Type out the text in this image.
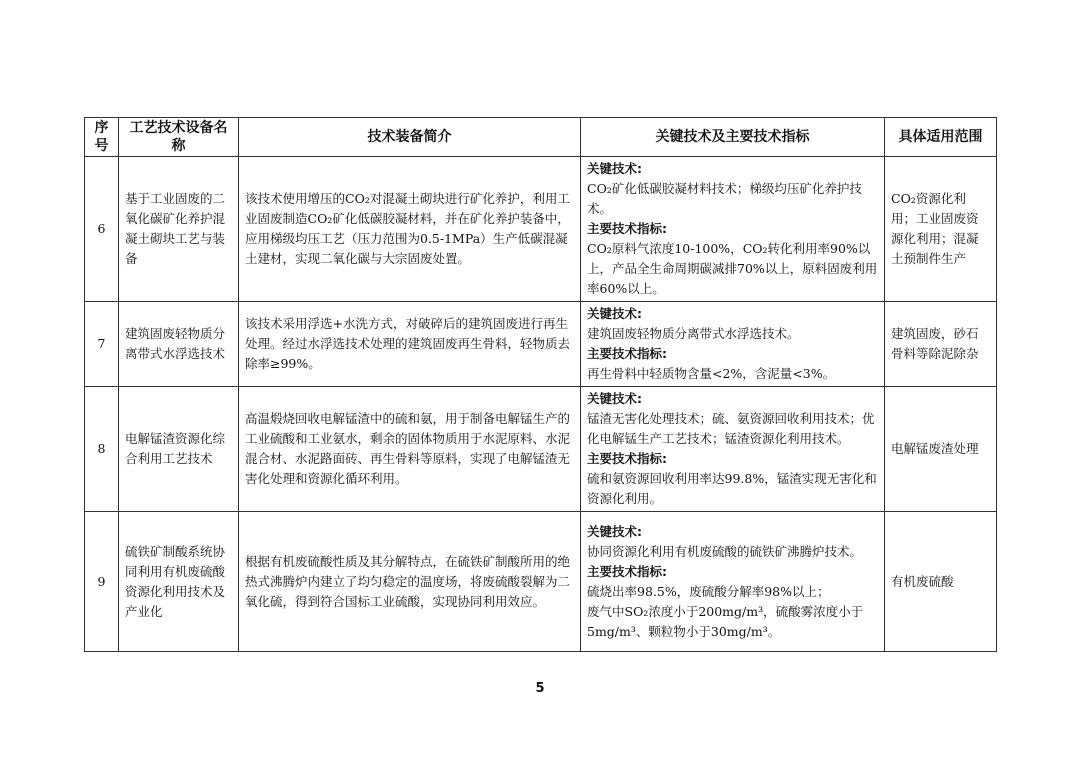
序号	工艺技术设备名称	技术装备简介	关键技术及主要技术指标	具体适用范围
6	基于工业固废的二氧化碳矿化养护混凝土砌块工艺与装备	该技术使用增压的CO₂对混凝土砌块进行矿化养护，利用工业固废制造CO₂矿化低碳胶凝材料，并在矿化养护装备中，应用梯级均压工艺（压力范围为0.5-1MPa）生产低碳混凝土建材，实现二氧化碳与大宗固废处置。	关键技术:
CO₂矿化低碳胶凝材料技术；梯级均压矿化养护技术。
主要技术指标:
CO₂原料气浓度10-100%，CO₂转化利用率90%以上，产品全生命周期碳减排70%以上，原料固废利用率60%以上。	CO₂资源化利用；工业固废资源化利用；混凝土预制件生产
7	建筑固废轻物质分离带式水浮选技术	该技术采用浮选+水洗方式，对破碎后的建筑固废进行再生处理。经过水浮选技术处理的建筑固废再生骨料，轻物质去除率≥99%。	关键技术:
建筑固废轻物质分离带式水浮选技术。
主要技术指标:
再生骨料中轻质物含量<2%，含泥量<3%。	建筑固废，砂石骨料等除泥除杂
8	电解锰渣资源化综合利用工艺技术	高温煅烧回收电解锰渣中的硫和氨，用于制备电解锰生产的工业硫酸和工业氨水，剩余的固体物质用于水泥原料、水泥混合材、水泥路面砖、再生骨料等原料，实现了电解锰渣无害化处理和资源化循环利用。	关键技术:
锰渣无害化处理技术；硫、氨资源回收利用技术；优化电解锰生产工艺技术；锰渣资源化利用技术。
主要技术指标:
硫和氨资源回收利用率达99.8%，锰渣实现无害化和资源化利用。	电解锰废渣处理
9	硫铁矿制酸系统协同利用有机废硫酸资源化利用技术及产业化	根据有机废硫酸性质及其分解特点，在硫铁矿制酸所用的绝热式沸腾炉内建立了均匀稳定的温度场，将废硫酸裂解为二氧化硫，得到符合国标工业硫酸，实现协同利用效应。	关键技术:
协同资源化利用有机废硫酸的硫铁矿沸腾炉技术。
主要技术指标:
硫烧出率98.5%，废硫酸分解率98%以上；
废气中SO₂浓度小于200mg/m³，硫酸雾浓度小于5mg/m³、颗粒物小于30mg/m³。	有机废硫酸
5
